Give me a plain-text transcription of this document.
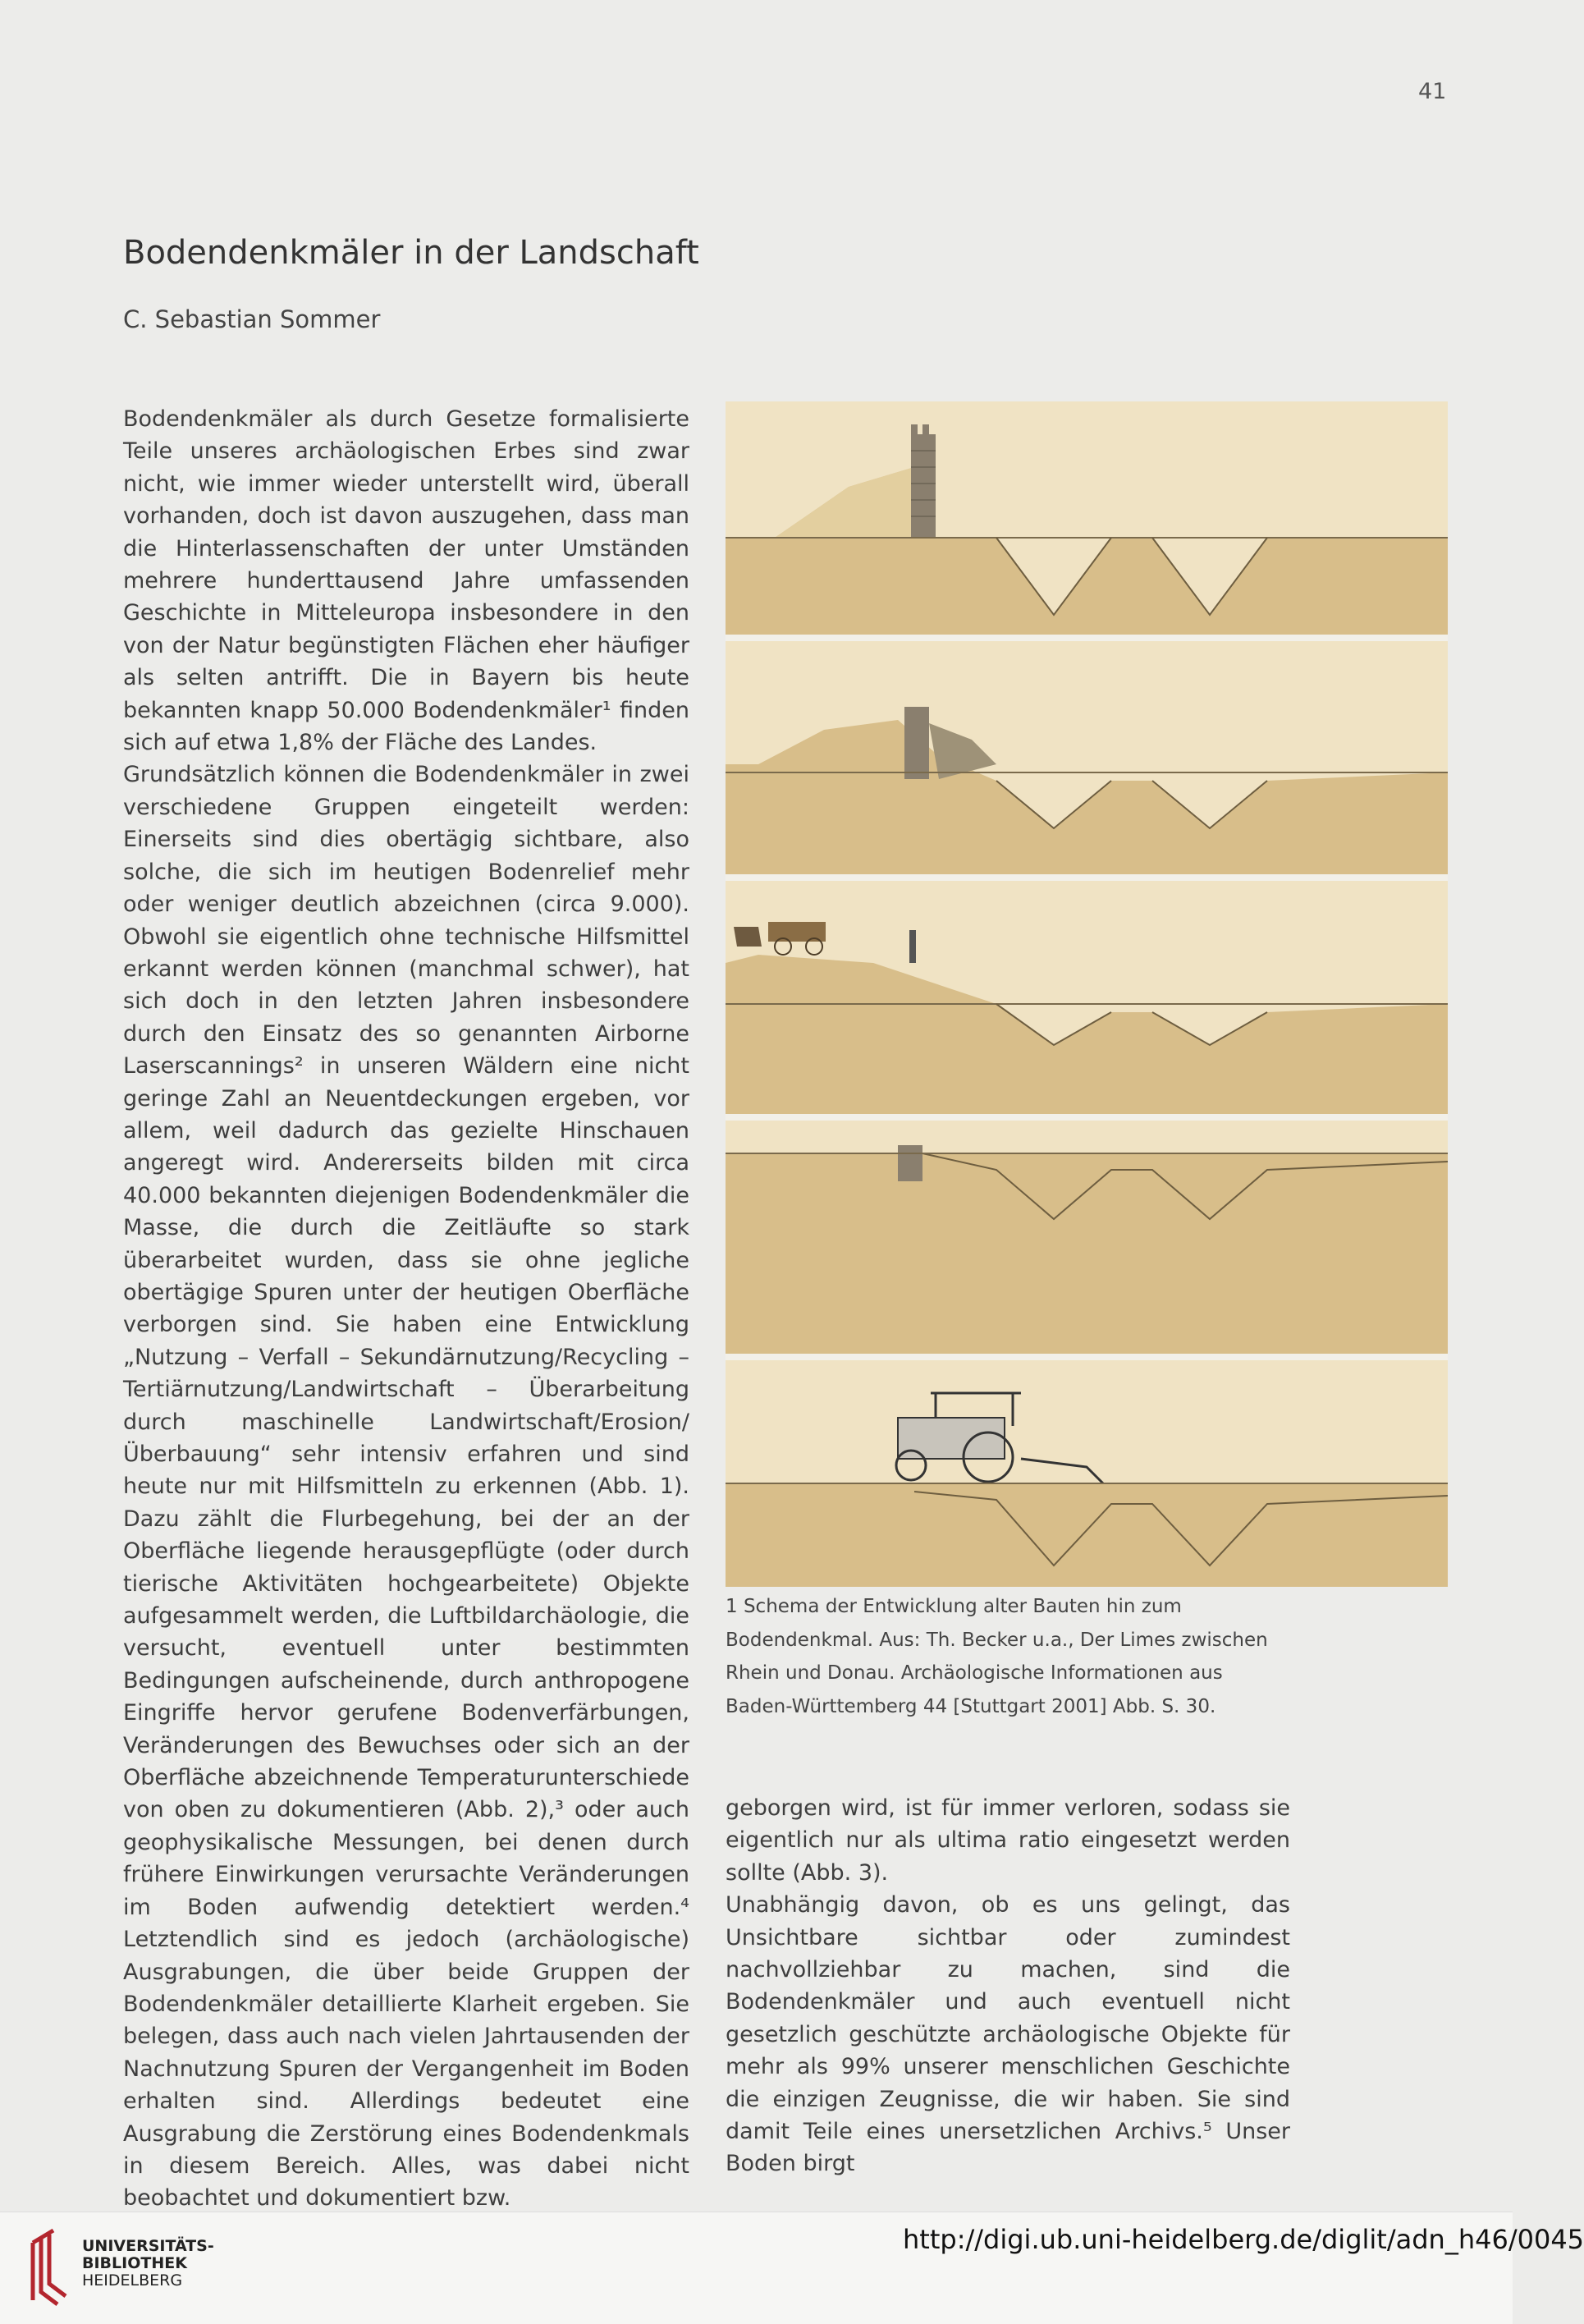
41
Bodendenkmäler in der Landschaft
C. Sebastian Sommer

Bodendenkmäler als durch Gesetze formalisierte Teile unseres archäologischen Erbes sind zwar nicht, wie immer wieder unterstellt wird, überall vorhanden, doch ist davon auszugehen, dass man die Hinterlassenschaften der unter Umständen mehrere hunderttausend Jahre umfassenden Geschichte in Mitteleuropa insbesondere in den von der Natur begünstigten Flächen eher häufiger als selten antrifft. Die in Bayern bis heute bekannten knapp 50.000 Bodendenkmäler¹ finden sich auf etwa 1,8% der Fläche des Landes.

Grundsätzlich können die Bodendenkmäler in zwei verschiedene Gruppen eingeteilt werden: Einerseits sind dies obertägig sichtbare, also solche, die sich im heutigen Bodenrelief mehr oder weniger deutlich abzeichnen (circa 9.000). Obwohl sie eigentlich ohne technische Hilfsmittel erkannt werden können (manchmal schwer), hat sich doch in den letzten Jahren insbesondere durch den Einsatz des so genannten Airborne Laserscannings² in unseren Wäldern eine nicht geringe Zahl an Neuentdeckungen ergeben, vor allem, weil dadurch das gezielte Hinschauen angeregt wird. Andererseits bilden mit circa 40.000 bekannten diejenigen Bodendenkmäler die Masse, die durch die Zeitläufte so stark überarbeitet wurden, dass sie ohne jegliche obertägige Spuren unter der heutigen Oberfläche verborgen sind. Sie haben eine Entwicklung „Nutzung – Verfall – Sekundärnutzung/Recycling – Tertiärnutzung/Landwirtschaft – Überarbeitung durch maschinelle Landwirtschaft/Erosion/Überbauung“ sehr intensiv erfahren und sind heute nur mit Hilfsmitteln zu erkennen (Abb. 1). Dazu zählt die Flurbegehung, bei der an der Oberfläche liegende herausgepflügte (oder durch tierische Aktivitäten hochgearbeitete) Objekte aufgesammelt werden, die Luftbildarchäologie, die versucht, eventuell unter bestimmten Bedingungen aufscheinende, durch anthropogene Eingriffe hervor gerufene Bodenverfärbungen, Veränderungen des Bewuchses oder sich an der Oberfläche abzeichnende Temperaturunterschiede von oben zu dokumentieren (Abb. 2),³ oder auch geophysikalische Messungen, bei denen durch frühere Einwirkungen verursachte Veränderungen im Boden aufwendig detektiert werden.⁴ Letztendlich sind es jedoch (archäologische) Ausgrabungen, die über beide Gruppen der Bodendenkmäler detaillierte Klarheit ergeben. Sie belegen, dass auch nach vielen Jahrtausenden der Nachnutzung Spuren der Vergangenheit im Boden erhalten sind. Allerdings bedeutet eine Ausgrabung die Zerstörung eines Bodendenkmals in diesem Bereich. Alles, was dabei nicht beobachtet und dokumentiert bzw.

1 Schema der Entwicklung alter Bauten hin zum Bodendenkmal. Aus: Th. Becker u.a., Der Limes zwischen Rhein und Donau. Archäologische Informationen aus Baden-Württemberg 44 [Stuttgart 2001] Abb. S. 30.

geborgen wird, ist für immer verloren, sodass sie eigentlich nur als ultima ratio eingesetzt werden sollte (Abb. 3).

Unabhängig davon, ob es uns gelingt, das Unsichtbare sichtbar oder zumindest nachvollziehbar zu machen, sind die Bodendenkmäler und auch eventuell nicht gesetzlich geschützte archäologische Objekte für mehr als 99% unserer menschlichen Geschichte die einzigen Zeugnisse, die wir haben. Sie sind damit Teile eines unersetzlichen Archivs.⁵ Unser Boden birgt

UNIVERSITÄTS-
BIBLIOTHEK
HEIDELBERG
http://digi.ub.uni-heidelberg.de/diglit/adn_h46/0045
